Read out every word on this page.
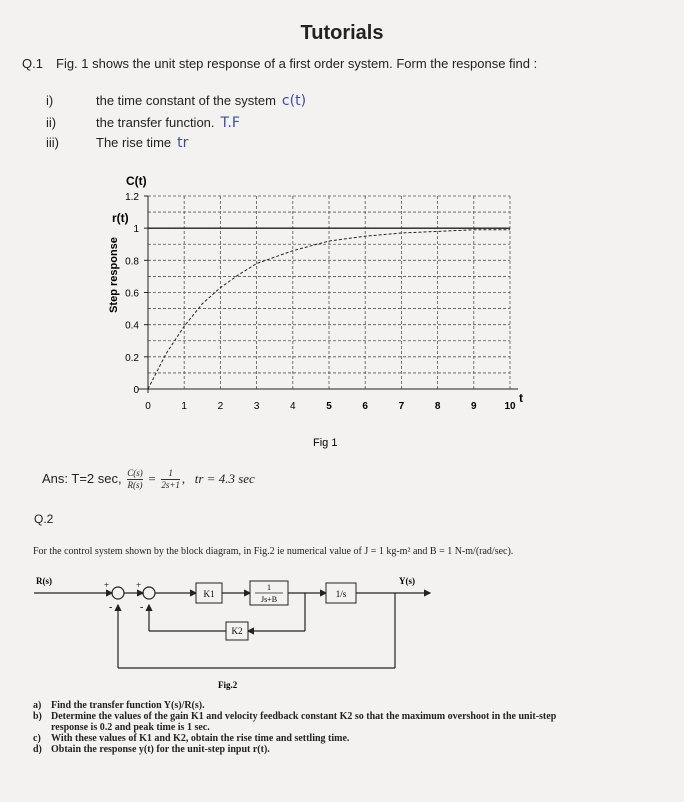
Tutorials
Q.1 Fig. 1 shows the unit step response of a first order system. Form the response find :
i)	the time constant of the system c(t)
ii)	the transfer function. T.F
iii)	The rise time tr
0	1	2	3	4	5	6	7	8	9	10
0
0.2
0.4
0.6
0.8
1
1.2
C(t)
r(t)
Step response
t
Fig 1
Ans: T=2 sec, $\frac{C(s)}{R(s)} = \frac{1}{2s+1}$ , tr = 4.3 sec
Q.2
For the control system shown by the block diagram, in Fig.2 ie numerical value of J = 1 kg-m² and B = 1 N-m/(rad/sec).
K1
1
Js+B
1/s
K2
R(s)	Y(s)
+
-
+
-
Fig.2
a) Find the transfer function Y(s)/R(s).
b) Determine the values of the gain K1 and velocity feedback constant K2 so that the maximum overshoot in the unit-step response is 0.2 and peak time is 1 sec.
c) With these values of K1 and K2, obtain the rise time and settling time.
d) Obtain the response y(t) for the unit-step input r(t).
